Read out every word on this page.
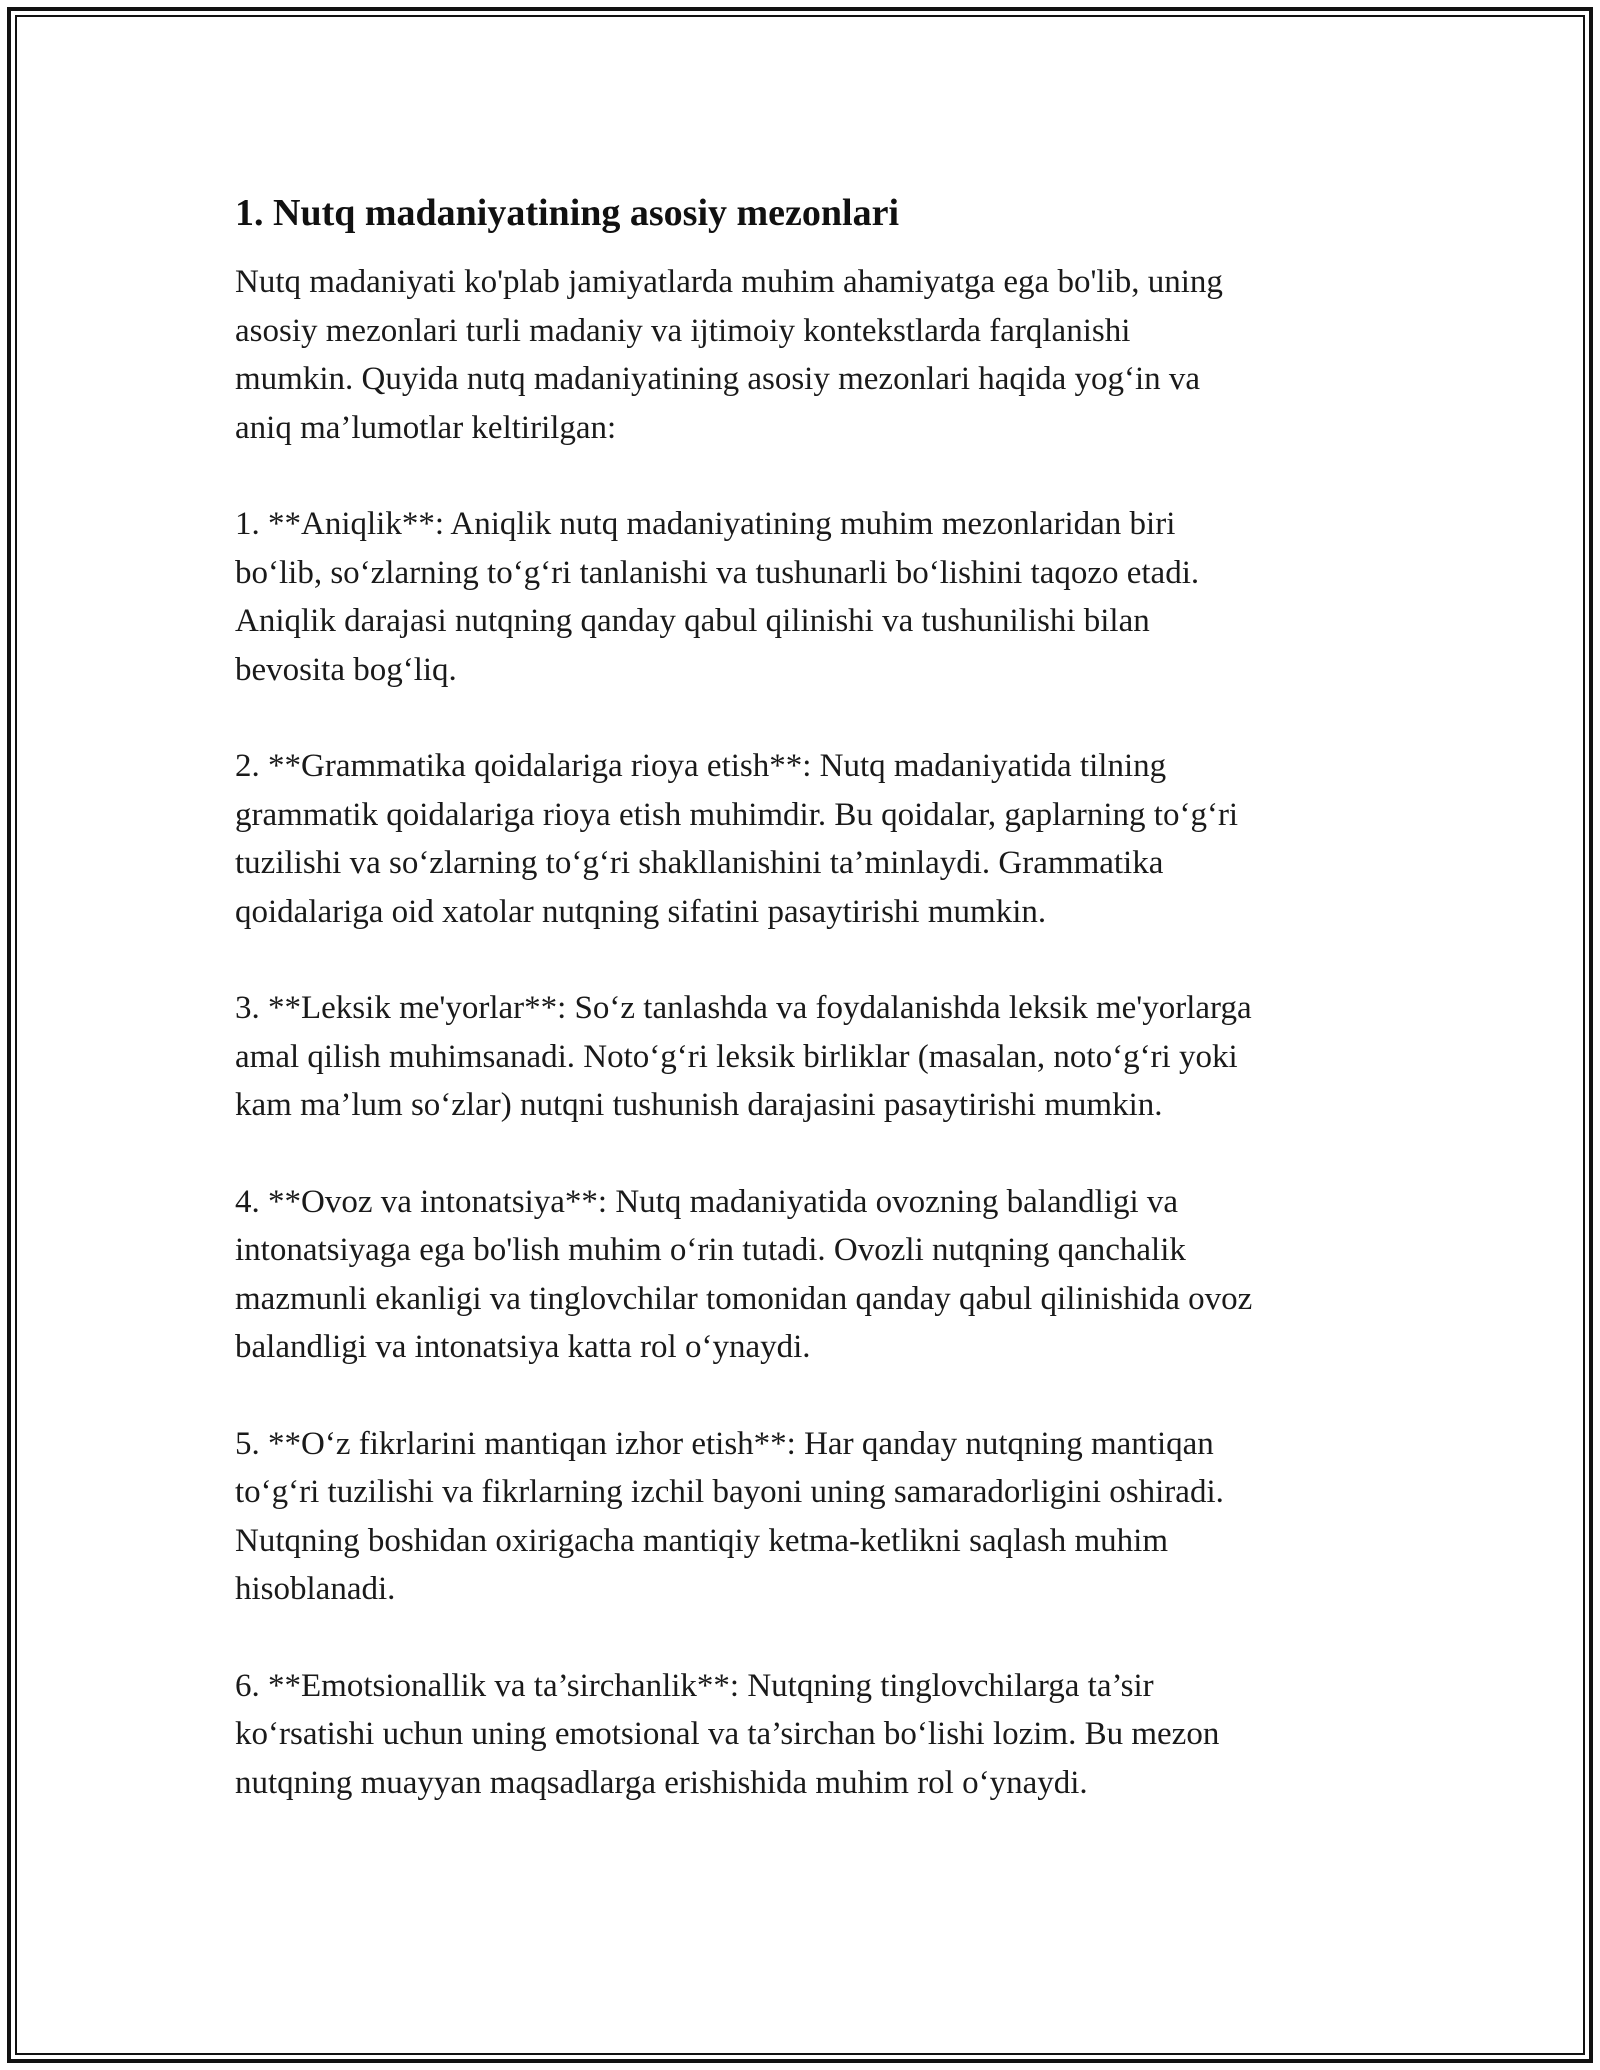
1. Nutq madaniyatining asosiy mezonlari

Nutq madaniyati ko'plab jamiyatlarda muhim ahamiyatga ega bo'lib, uning
asosiy mezonlari turli madaniy va ijtimoiy kontekstlarda farqlanishi
mumkin. Quyida nutq madaniyatining asosiy mezonlari haqida yog‘in va
aniq ma’lumotlar keltirilgan:

1. **Aniqlik**: Aniqlik nutq madaniyatining muhim mezonlaridan biri
bo‘lib, so‘zlarning to‘g‘ri tanlanishi va tushunarli bo‘lishini taqozo etadi.
Aniqlik darajasi nutqning qanday qabul qilinishi va tushunilishi bilan
bevosita bog‘liq.

2. **Grammatika qoidalariga rioya etish**: Nutq madaniyatida tilning
grammatik qoidalariga rioya etish muhimdir. Bu qoidalar, gaplarning to‘g‘ri
tuzilishi va so‘zlarning to‘g‘ri shakllanishini ta’minlaydi. Grammatika
qoidalariga oid xatolar nutqning sifatini pasaytirishi mumkin.

3. **Leksik me'yorlar**: So‘z tanlashda va foydalanishda leksik me'yorlarga
amal qilish muhimsanadi. Noto‘g‘ri leksik birliklar (masalan, noto‘g‘ri yoki
kam ma’lum so‘zlar) nutqni tushunish darajasini pasaytirishi mumkin.

4. **Ovoz va intonatsiya**: Nutq madaniyatida ovozning balandligi va
intonatsiyaga ega bo'lish muhim o‘rin tutadi. Ovozli nutqning qanchalik
mazmunli ekanligi va tinglovchilar tomonidan qanday qabul qilinishida ovoz
balandligi va intonatsiya katta rol o‘ynaydi.

5. **O‘z fikrlarini mantiqan izhor etish**: Har qanday nutqning mantiqan
to‘g‘ri tuzilishi va fikrlarning izchil bayoni uning samaradorligini oshiradi.
Nutqning boshidan oxirigacha mantiqiy ketma-ketlikni saqlash muhim
hisoblanadi.

6. **Emotsionallik va ta’sirchanlik**: Nutqning tinglovchilarga ta’sir
ko‘rsatishi uchun uning emotsional va ta’sirchan bo‘lishi lozim. Bu mezon
nutqning muayyan maqsadlarga erishishida muhim rol o‘ynaydi.
